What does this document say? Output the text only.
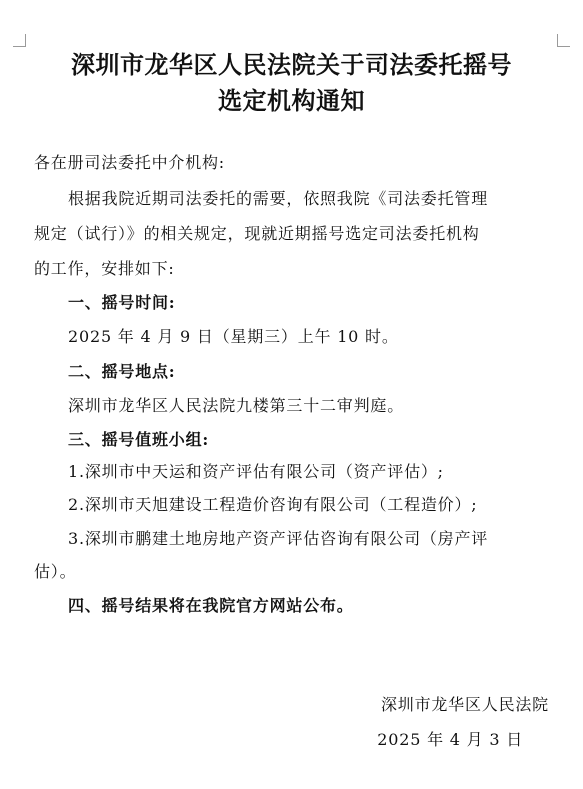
深圳市龙华区人民法院关于司法委托摇号
选定机构通知

各在册司法委托中介机构:

根据我院近期司法委托的需要，依照我院《司法委托管理

规定（试行）》的相关规定，现就近期摇号选定司法委托机构

的工作，安排如下:

一、摇号时间:

2025 年 4 月 9 日（星期三）上午 10 时。

二、摇号地点:

深圳市龙华区人民法院九楼第三十二审判庭。

三、摇号值班小组:

1.深圳市中天运和资产评估有限公司（资产评估）;

2.深圳市天旭建设工程造价咨询有限公司（工程造价）;

3.深圳市鹏建土地房地产资产评估咨询有限公司（房产评

估）。

四、摇号结果将在我院官方网站公布。

深圳市龙华区人民法院

2025 年 4 月 3 日
